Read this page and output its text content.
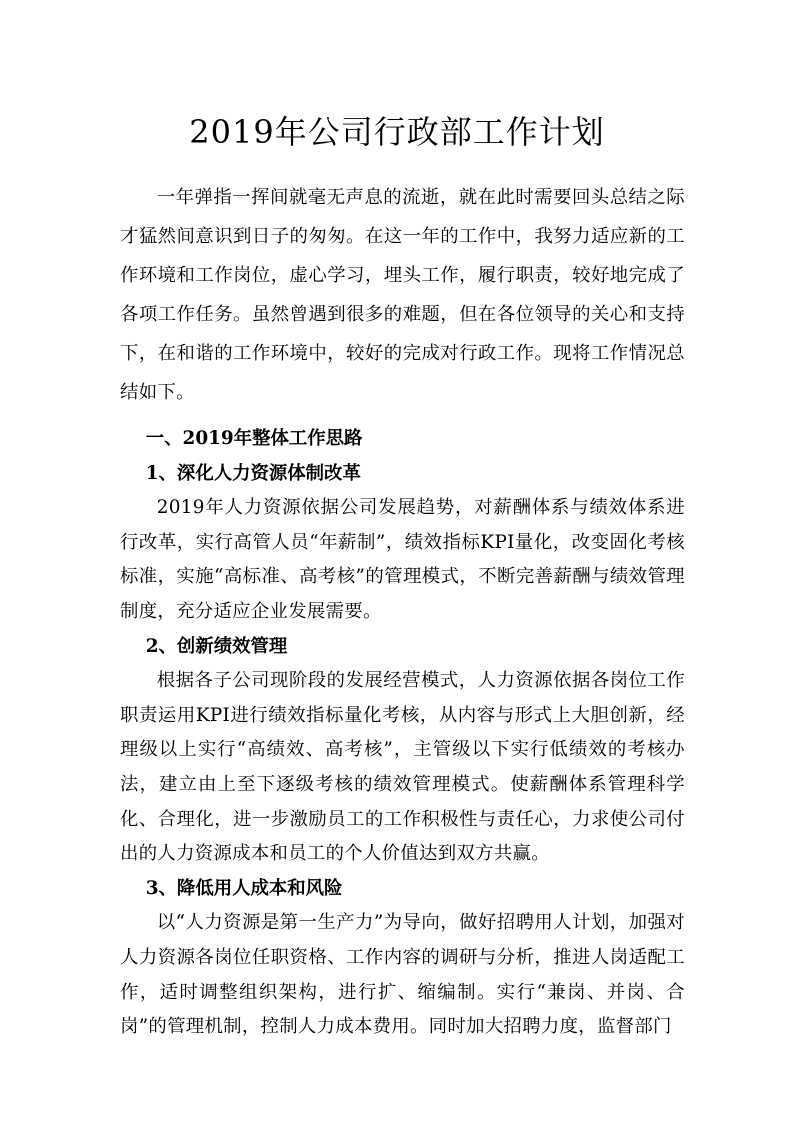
2019年公司行政部工作计划

一年弹指一挥间就毫无声息的流逝，就在此时需要回头总结之际才猛然间意识到日子的匆匆。在这一年的工作中，我努力适应新的工作环境和工作岗位，虚心学习，埋头工作，履行职责，较好地完成了各项工作任务。虽然曾遇到很多的难题，但在各位领导的关心和支持下，在和谐的工作环境中，较好的完成对行政工作。现将工作情况总结如下。

一、2019年整体工作思路

1、深化人力资源体制改革

2019年人力资源依据公司发展趋势，对薪酬体系与绩效体系进行改革，实行高管人员“年薪制”，绩效指标KPI量化，改变固化考核标准，实施“高标准、高考核”的管理模式，不断完善薪酬与绩效管理制度，充分适应企业发展需要。

2、创新绩效管理

根据各子公司现阶段的发展经营模式，人力资源依据各岗位工作职责运用KPI进行绩效指标量化考核，从内容与形式上大胆创新，经理级以上实行“高绩效、高考核”，主管级以下实行低绩效的考核办法，建立由上至下逐级考核的绩效管理模式。使薪酬体系管理科学化、合理化，进一步激励员工的工作积极性与责任心，力求使公司付出的人力资源成本和员工的个人价值达到双方共赢。

3、降低用人成本和风险

以“人力资源是第一生产力”为导向，做好招聘用人计划，加强对人力资源各岗位任职资格、工作内容的调研与分析，推进人岗适配工作，适时调整组织架构，进行扩、缩编制。实行“兼岗、并岗、合岗”的管理机制，控制人力成本费用。同时加大招聘力度，监督部门
